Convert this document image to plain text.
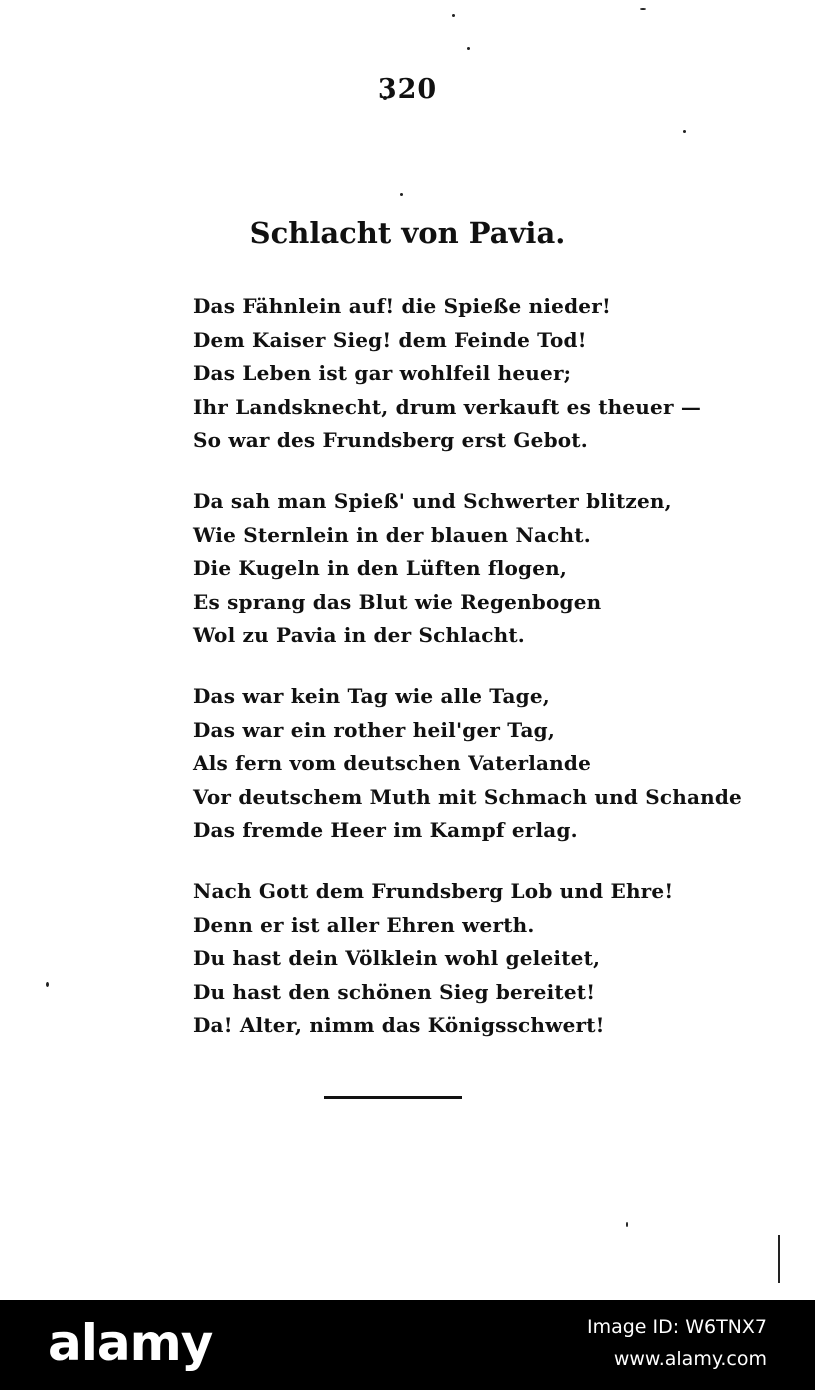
320
Schlacht von Pavia.
Das Fähnlein auf! die Spieße nieder!
Dem Kaiser Sieg! dem Feinde Tod!
Das Leben ist gar wohlfeil heuer;
Ihr Landsknecht, drum verkauft es theuer —
So war des Frundsberg erst Gebot.
Da sah man Spieß' und Schwerter blitzen,
Wie Sternlein in der blauen Nacht.
Die Kugeln in den Lüften flogen,
Es sprang das Blut wie Regenbogen
Wol zu Pavia in der Schlacht.
Das war kein Tag wie alle Tage,
Das war ein rother heil'ger Tag,
Als fern vom deutschen Vaterlande
Vor deutschem Muth mit Schmach und Schande
Das fremde Heer im Kampf erlag.
Nach Gott dem Frundsberg Lob und Ehre!
Denn er ist aller Ehren werth.
Du hast dein Völklein wohl geleitet,
Du hast den schönen Sieg bereitet!
Da! Alter, nimm das Königsschwert!
alamy	Image ID: W6TNX7
www.alamy.com
